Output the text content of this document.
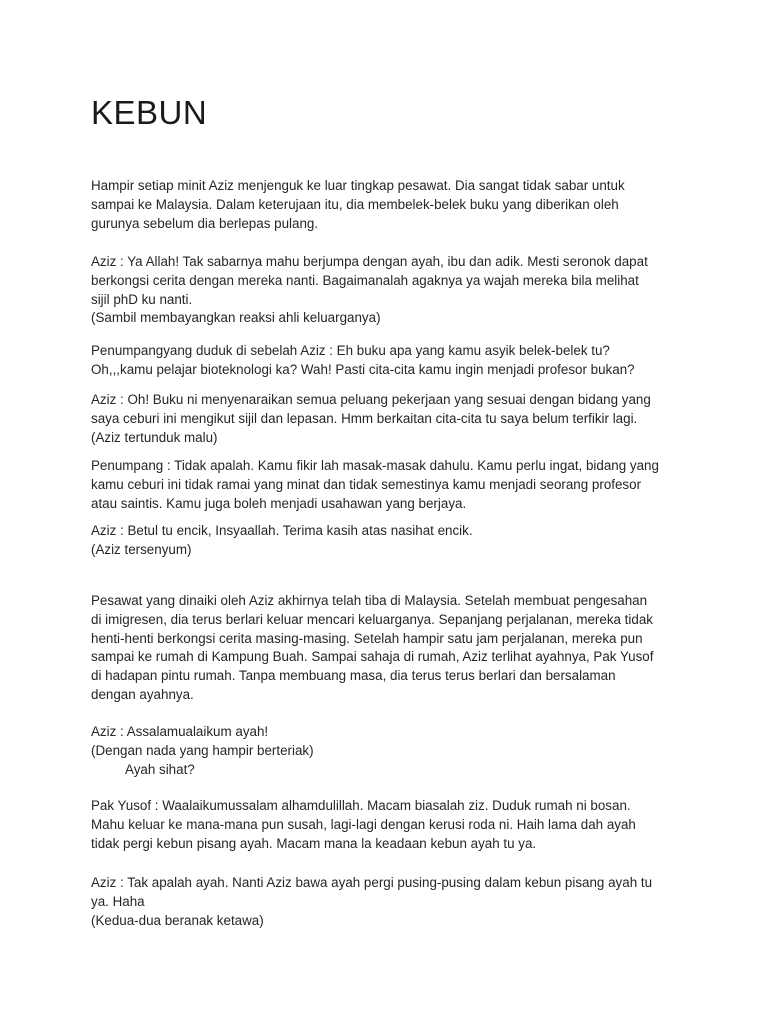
KEBUN

Hampir setiap minit Aziz menjenguk ke luar tingkap pesawat. Dia sangat tidak sabar untuk
sampai ke Malaysia. Dalam keterujaan itu, dia membelek-belek buku yang diberikan oleh
gurunya sebelum dia berlepas pulang.

Aziz : Ya Allah! Tak sabarnya mahu berjumpa dengan ayah, ibu dan adik. Mesti seronok dapat
berkongsi cerita dengan mereka nanti. Bagaimanalah agaknya ya wajah mereka bila melihat
sijil phD ku nanti.
(Sambil membayangkan reaksi ahli keluarganya)

Penumpangyang duduk di sebelah Aziz : Eh buku apa yang kamu asyik belek-belek tu?
Oh,,,kamu pelajar bioteknologi ka? Wah! Pasti cita-cita kamu ingin menjadi profesor bukan?

Aziz : Oh! Buku ni menyenaraikan semua peluang pekerjaan yang sesuai dengan bidang yang
saya ceburi ini mengikut sijil dan lepasan. Hmm berkaitan cita-cita tu saya belum terfikir lagi.
(Aziz tertunduk malu)

Penumpang : Tidak apalah. Kamu fikir lah masak-masak dahulu. Kamu perlu ingat, bidang yang
kamu ceburi ini tidak ramai yang minat dan tidak semestinya kamu menjadi seorang profesor
atau saintis. Kamu juga boleh menjadi usahawan yang berjaya.

Aziz : Betul tu encik, Insyaallah. Terima kasih atas nasihat encik.
(Aziz tersenyum)

Pesawat yang dinaiki oleh Aziz akhirnya telah tiba di Malaysia. Setelah membuat pengesahan
di imigresen, dia terus berlari keluar mencari keluarganya. Sepanjang perjalanan, mereka tidak
henti-henti berkongsi cerita masing-masing. Setelah hampir satu jam perjalanan, mereka pun
sampai ke rumah di Kampung Buah. Sampai sahaja di rumah, Aziz terlihat ayahnya, Pak Yusof
di hadapan pintu rumah. Tanpa membuang masa, dia terus terus berlari dan bersalaman
dengan ayahnya.

Aziz : Assalamualaikum ayah!
(Dengan nada yang hampir berteriak)
Ayah sihat?

Pak Yusof : Waalaikumussalam alhamdulillah. Macam biasalah ziz. Duduk rumah ni bosan.
Mahu keluar ke mana-mana pun susah, lagi-lagi dengan kerusi roda ni. Haih lama dah ayah
tidak pergi kebun pisang ayah. Macam mana la keadaan kebun ayah tu ya.

Aziz : Tak apalah ayah. Nanti Aziz bawa ayah pergi pusing-pusing dalam kebun pisang ayah tu
ya. Haha
(Kedua-dua beranak ketawa)
